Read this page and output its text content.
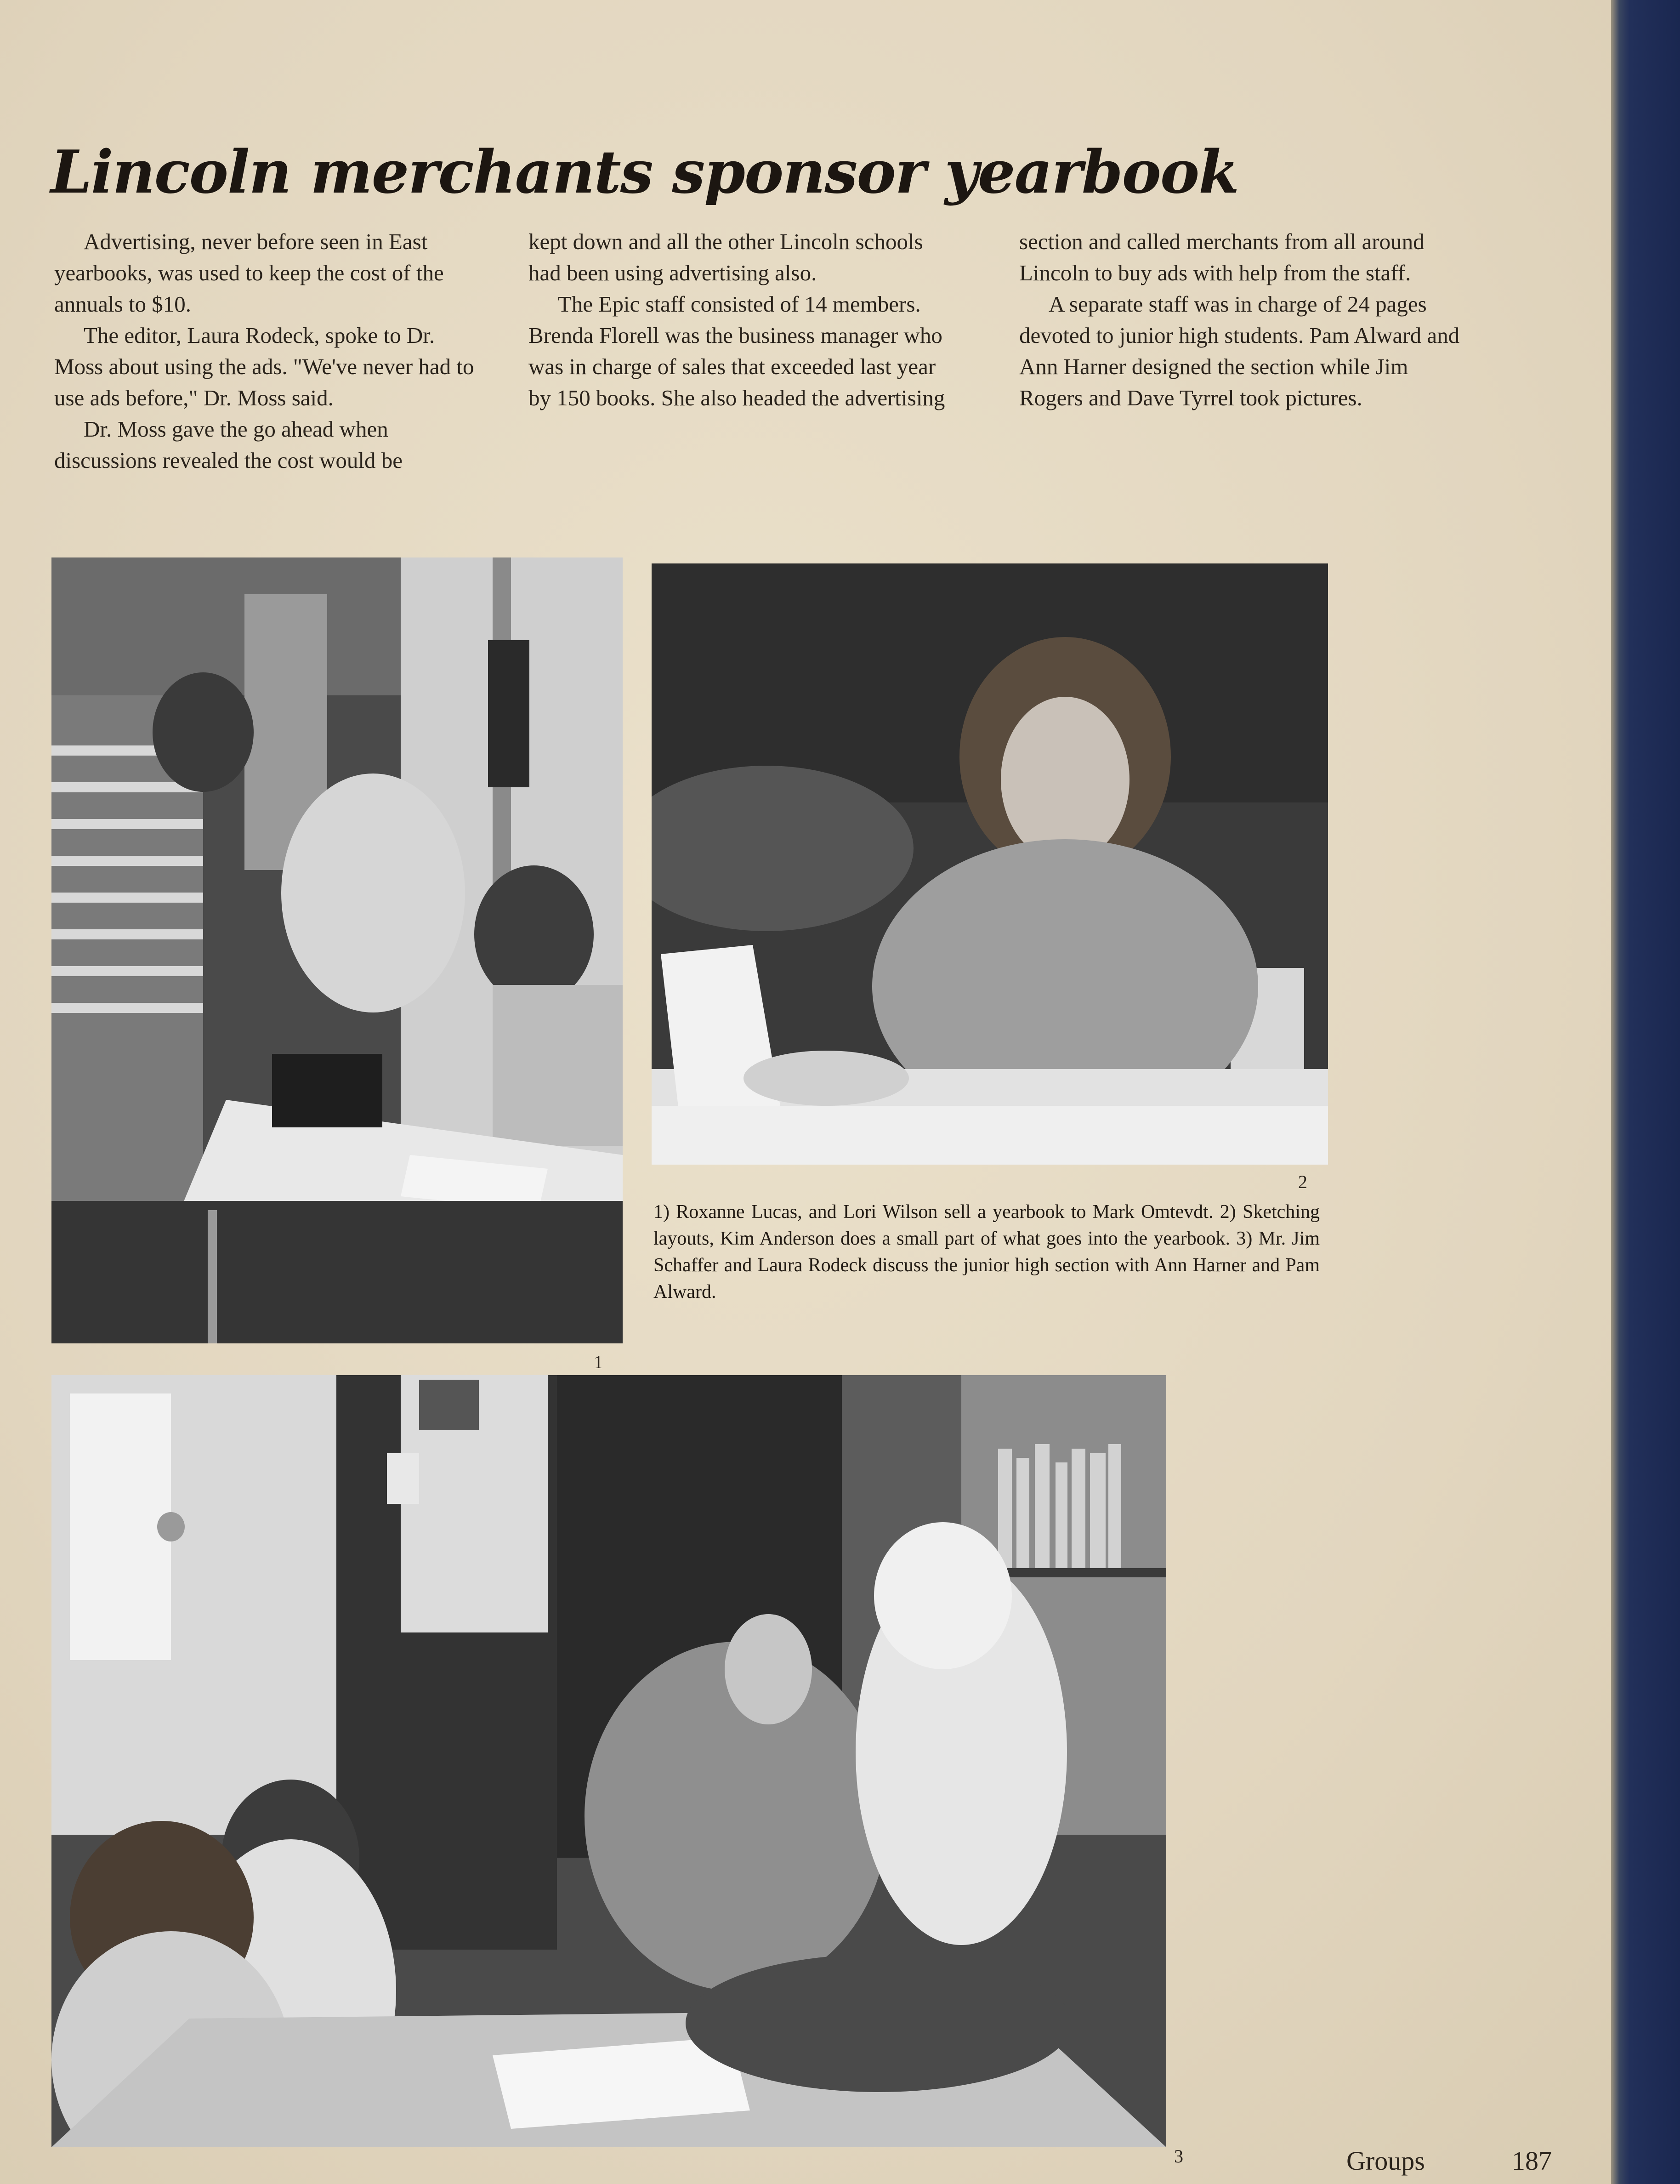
Lincoln merchants sponsor yearbook

Advertising, never before seen in East yearbooks, was used to keep the cost of the annuals to $10.

The editor, Laura Rodeck, spoke to Dr. Moss about using the ads. "We've never had to use ads before," Dr. Moss said.

Dr. Moss gave the go ahead when discussions revealed the cost would be

kept down and all the other Lincoln schools had been using advertising also.

The Epic staff consisted of 14 members. Brenda Florell was the business manager who was in charge of sales that exceeded last year by 150 books. She also headed the advertising

section and called merchants from all around Lincoln to buy ads with help from the staff.

A separate staff was in charge of 24 pages devoted to junior high students. Pam Alward and Ann Harner designed the section while Jim Rogers and Dave Tyrrel took pictures.

1
2

1) Roxanne Lucas, and Lori Wilson sell a yearbook to Mark Omtevdt. 2) Sketching layouts, Kim Anderson does a small part of what goes into the yearbook. 3) Mr. Jim Schaffer and Laura Rodeck discuss the junior high section with Ann Harner and Pam Alward.

3	Groups	187
